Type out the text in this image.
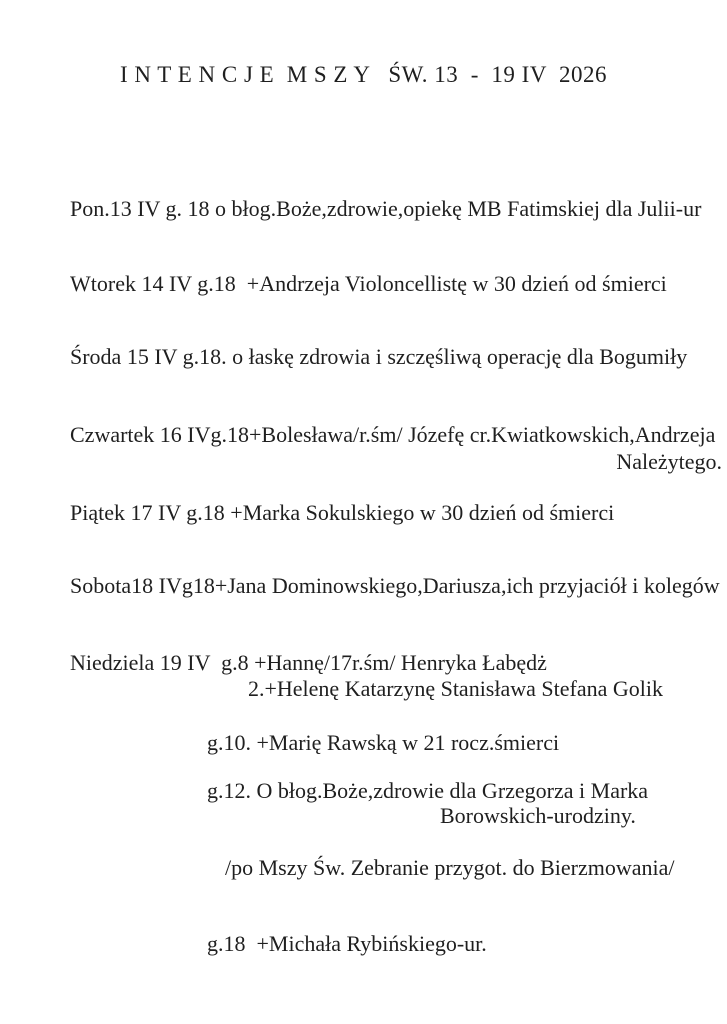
I N T E N C J E  M S Z Y   ŚW. 13  -  19 IV  2026
Pon.13 IV g. 18 o błog.Boże,zdrowie,opiekę MB Fatimskiej dla Julii-ur
Wtorek 14 IV g.18  +Andrzeja Violoncellistę w 30 dzień od śmierci
Środa 15 IV g.18. o łaskę zdrowia i szczęśliwą operację dla Bogumiły
Czwartek 16 IVg.18+Bolesława/r.śm/ Józefę cr.Kwiatkowskich,Andrzeja
Należytego.
Piątek 17 IV g.18 +Marka Sokulskiego w 30 dzień od śmierci
Sobota18 IVg18+Jana Dominowskiego,Dariusza,ich przyjaciół i kolegów
Niedziela 19 IV  g.8 +Hannę/17r.śm/ Henryka Łabędż
2.+Helenę Katarzynę Stanisława Stefana Golik
g.10. +Marię Rawską w 21 rocz.śmierci
g.12. O błog.Boże,zdrowie dla Grzegorza i Marka
Borowskich-urodziny.
/po Mszy Św. Zebranie przygot. do Bierzmowania/
g.18  +Michała Rybińskiego-ur.
